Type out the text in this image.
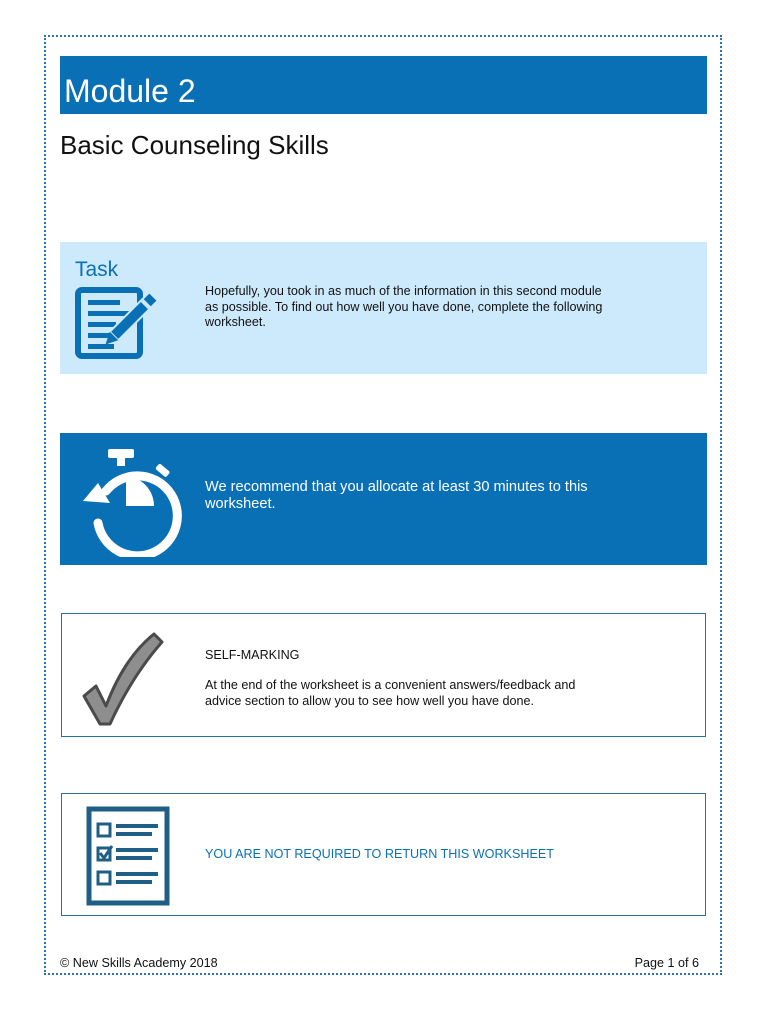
Module 2
Basic Counseling Skills
Task
Hopefully, you took in as much of the information in this second module as possible. To find out how well you have done, complete the following worksheet.
We recommend that you allocate at least 30 minutes to this worksheet.
SELF-MARKING
At the end of the worksheet is a convenient answers/feedback and advice section to allow you to see how well you have done.
YOU ARE NOT REQUIRED TO RETURN THIS WORKSHEET
© New Skills Academy 2018	Page 1 of 6
